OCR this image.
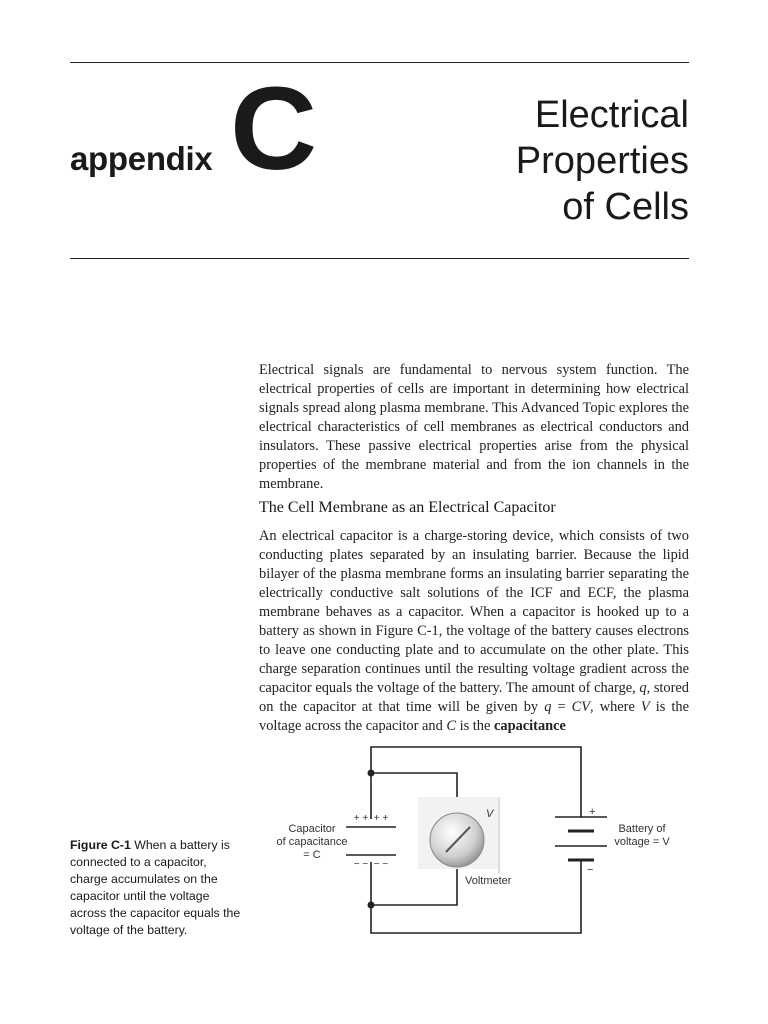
appendix C	Electrical
Properties
of Cells

Electrical signals are fundamental to nervous system function. The electrical properties of cells are important in determining how electrical signals spread along plasma membrane. This Advanced Topic explores the electrical characteristics of cell membranes as electrical conductors and insulators. These passive electrical properties arise from the physical properties of the membrane material and from the ion channels in the membrane.

The Cell Membrane as an Electrical Capacitor

An electrical capacitor is a charge-storing device, which consists of two conducting plates separated by an insulating barrier. Because the lipid bilayer of the plasma membrane forms an insulating barrier separating the electrically conductive salt solutions of the ICF and ECF, the plasma membrane behaves as a capacitor. When a capacitor is hooked up to a battery as shown in Figure C-1, the voltage of the battery causes electrons to leave one conducting plate and to accumulate on the other plate. This charge separation continues until the resulting voltage gradient across the capacitor equals the voltage of the battery. The amount of charge, q, stored on the capacitor at that time will be given by q = CV, where V is the voltage across the capacitor and C is the capacitance

Figure C-1 When a battery is connected to a capacitor, charge accumulates on the capacitor until the voltage across the capacitor equals the voltage of the battery.
+ +  + +
− −  − −
Capacitor
of capacitance
= C
V
Voltmeter
+
−
Battery of
voltage = V
